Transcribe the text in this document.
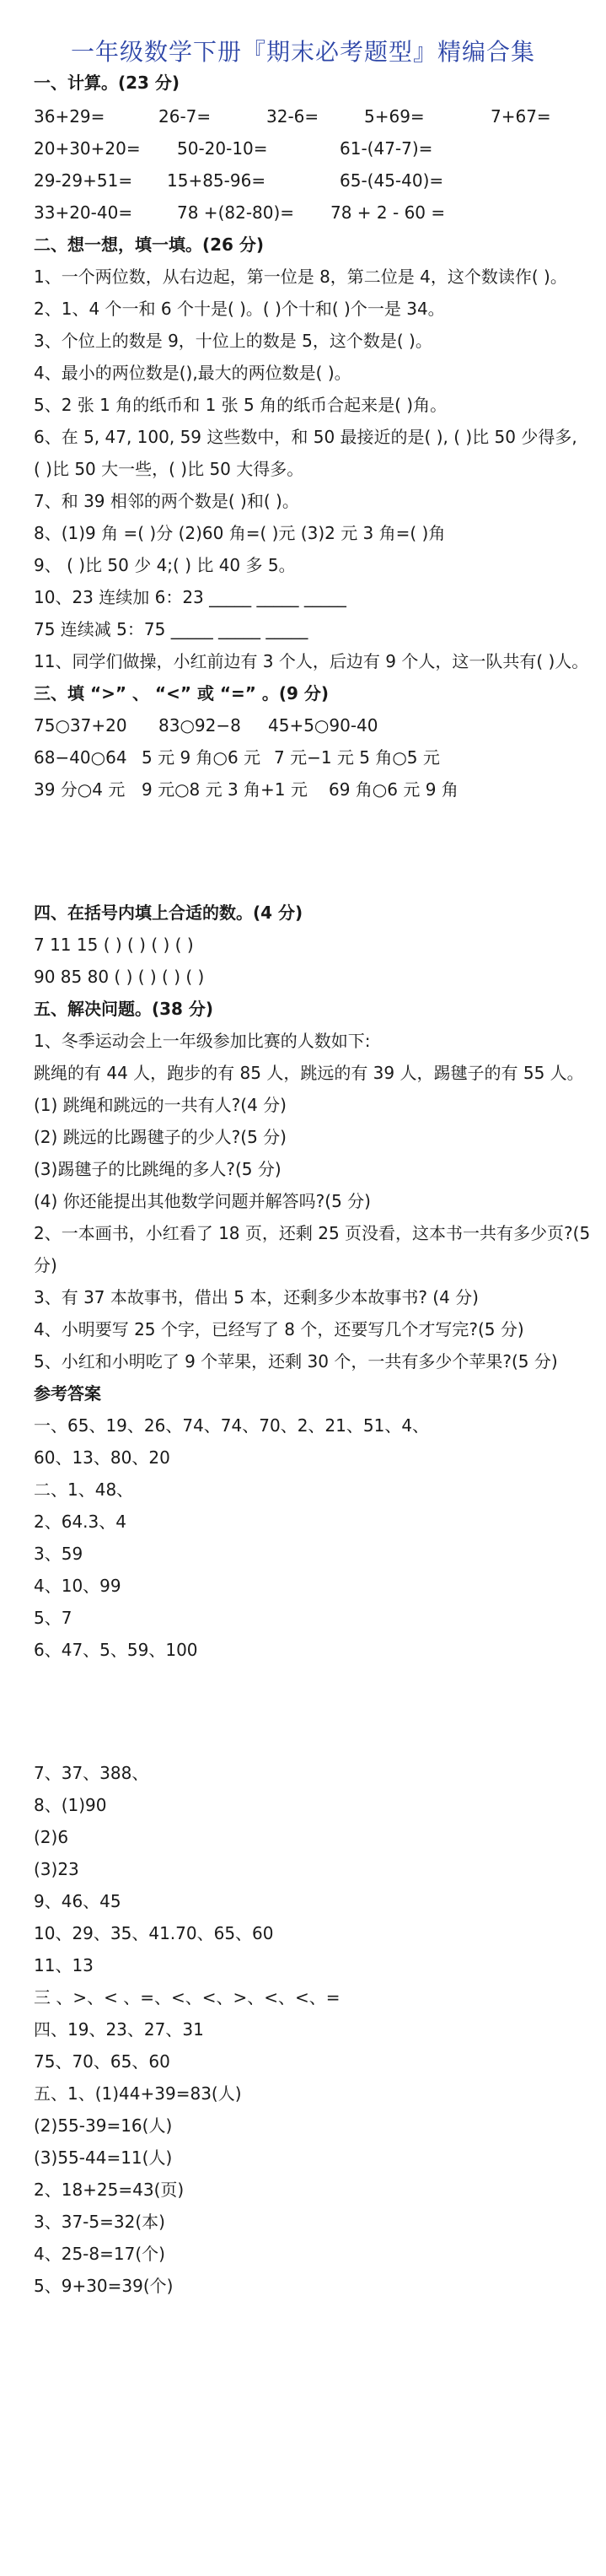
一年级数学下册『期末必考题型』精编合集
一、计算。(23 分)
36+29=	26-7=	32-6=	5+69=	7+67=
20+30+20= 50-20-10=	61-(47-7)=
29-29+51= 15+85-96=	65-(45-40)=
33+20-40=	78 +(82-80)= 78 + 2 - 60 =
二、想一想，填一填。(26 分)
1、一个两位数，从右边起，第一位是 8，第二位是 4，这个数读作( )。
2、1、4 个一和 6 个十是( )。( )个十和( )个一是 34。
3、个位上的数是 9，十位上的数是 5，这个数是( )。
4、最小的两位数是(),最大的两位数是( )。
5、2 张 1 角的纸币和 1 张 5 角的纸币合起来是( )角。
6、在 5, 47, 100, 59 这些数中，和 50 最接近的是( ), ( )比 50 少得多,
( )比 50 大一些，( )比 50 大得多。
7、和 39 相邻的两个数是( )和( )。
8、(1)9 角 =( )分 (2)60 角=( )元 (3)2 元 3 角=( )角
9、 ( )比 50 少 4;( ) 比 40 多 5。
10、23 连续加 6：23 _____ _____ _____
75 连续减 5：75 _____ _____ _____
11、同学们做操，小红前边有 3 个人，后边有 9 个人，这一队共有( )人。
三、填 “>” 、 “<” 或 “=” 。(9 分)
75○37+20 83○92−8 45+5○90-40
68−40○64 5 元 9 角○6 元 7 元−1 元 5 角○5 元
39 分○4 元 9 元○8 元 3 角+1 元 69 角○6 元 9 角
四、在括号内填上合适的数。(4 分)
7 11 15 ( ) ( ) ( ) ( )
90 85 80 ( ) ( ) ( ) ( )
五、解决问题。(38 分)
1、冬季运动会上一年级参加比赛的人数如下:
跳绳的有 44 人，跑步的有 85 人，跳远的有 39 人，踢毽子的有 55 人。
(1) 跳绳和跳远的一共有人?(4 分)
(2) 跳远的比踢毽子的少人?(5 分)
(3)踢毽子的比跳绳的多人?(5 分)
(4) 你还能提出其他数学问题并解答吗?(5 分)
2、一本画书，小红看了 18 页，还剩 25 页没看，这本书一共有多少页?(5
分)
3、有 37 本故事书，借出 5 本，还剩多少本故事书? (4 分)
4、小明要写 25 个字，已经写了 8 个，还要写几个才写完?(5 分)
5、小红和小明吃了 9 个苹果，还剩 30 个，一共有多少个苹果?(5 分)
参考答案
一、65、19、26、74、74、70、2、21、51、4、
60、13、80、20
二、1、48、
2、64.3、4
3、59
4、10、99
5、7
6、47、5、59、100
7、37、388、
8、(1)90
(2)6
(3)23
9、46、45
10、29、35、41.70、65、60
11、13
三 、>、< 、=、<、<、>、<、<、=
四、19、23、27、31
75、70、65、60
五、1、(1)44+39=83(人)
(2)55-39=16(人)
(3)55-44=11(人)
2、18+25=43(页)
3、37-5=32(本)
4、25-8=17(个)
5、9+30=39(个)
